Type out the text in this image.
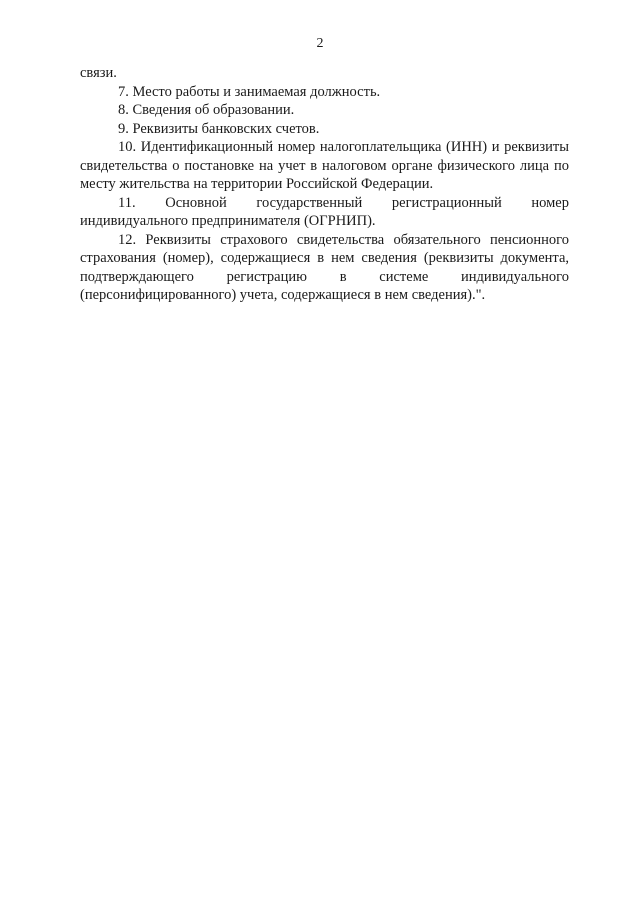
2

связи.

7. Место работы и занимаемая должность.

8. Сведения об образовании.

9. Реквизиты банковских счетов.

10. Идентификационный номер налогоплательщика (ИНН) и реквизиты свидетельства о постановке на учет в налоговом органе физического лица по месту жительства на территории Российской Федерации.

11. Основной государственный регистрационный номер индивидуального предпринимателя (ОГРНИП).

12. Реквизиты страхового свидетельства обязательного пенсионного страхования (номер), содержащиеся в нем сведения (реквизиты документа, подтверждающего регистрацию в системе индивидуального (персонифицированного) учета, содержащиеся в нем сведения).".
